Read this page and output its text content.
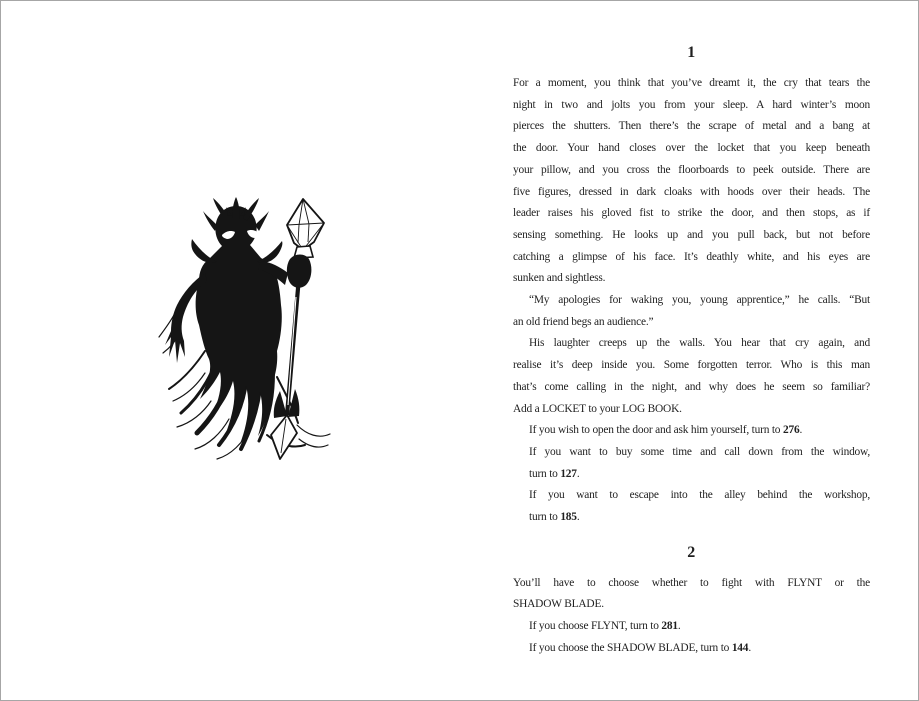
1
For a moment, you think that you’ve dreamt it, the cry that tears the
night in two and jolts you from your sleep. A hard winter’s moon
pierces the shutters. Then there’s the scrape of metal and a bang at
the door. Your hand closes over the locket that you keep beneath
your pillow, and you cross the floorboards to peek outside. There are
five figures, dressed in dark cloaks with hoods over their heads. The
leader raises his gloved fist to strike the door, and then stops, as if
sensing something. He looks up and you pull back, but not before
catching a glimpse of his face. It’s deathly white, and his eyes are
sunken and sightless.
“My apologies for waking you, young apprentice,” he calls. “But
an old friend begs an audience.”
His laughter creeps up the walls. You hear that cry again, and
realise it’s deep inside you. Some forgotten terror. Who is this man
that’s come calling in the night, and why does he seem so familiar?
Add a LOCKET to your LOG BOOK.
If you wish to open the door and ask him yourself, turn to 276.
If you want to buy some time and call down from the window,
turn to 127.
If you want to escape into the alley behind the workshop,
turn to 185.
2
You’ll have to choose whether to fight with FLYNT or the
SHADOW BLADE.
If you choose FLYNT, turn to 281.
If you choose the SHADOW BLADE, turn to 144.
